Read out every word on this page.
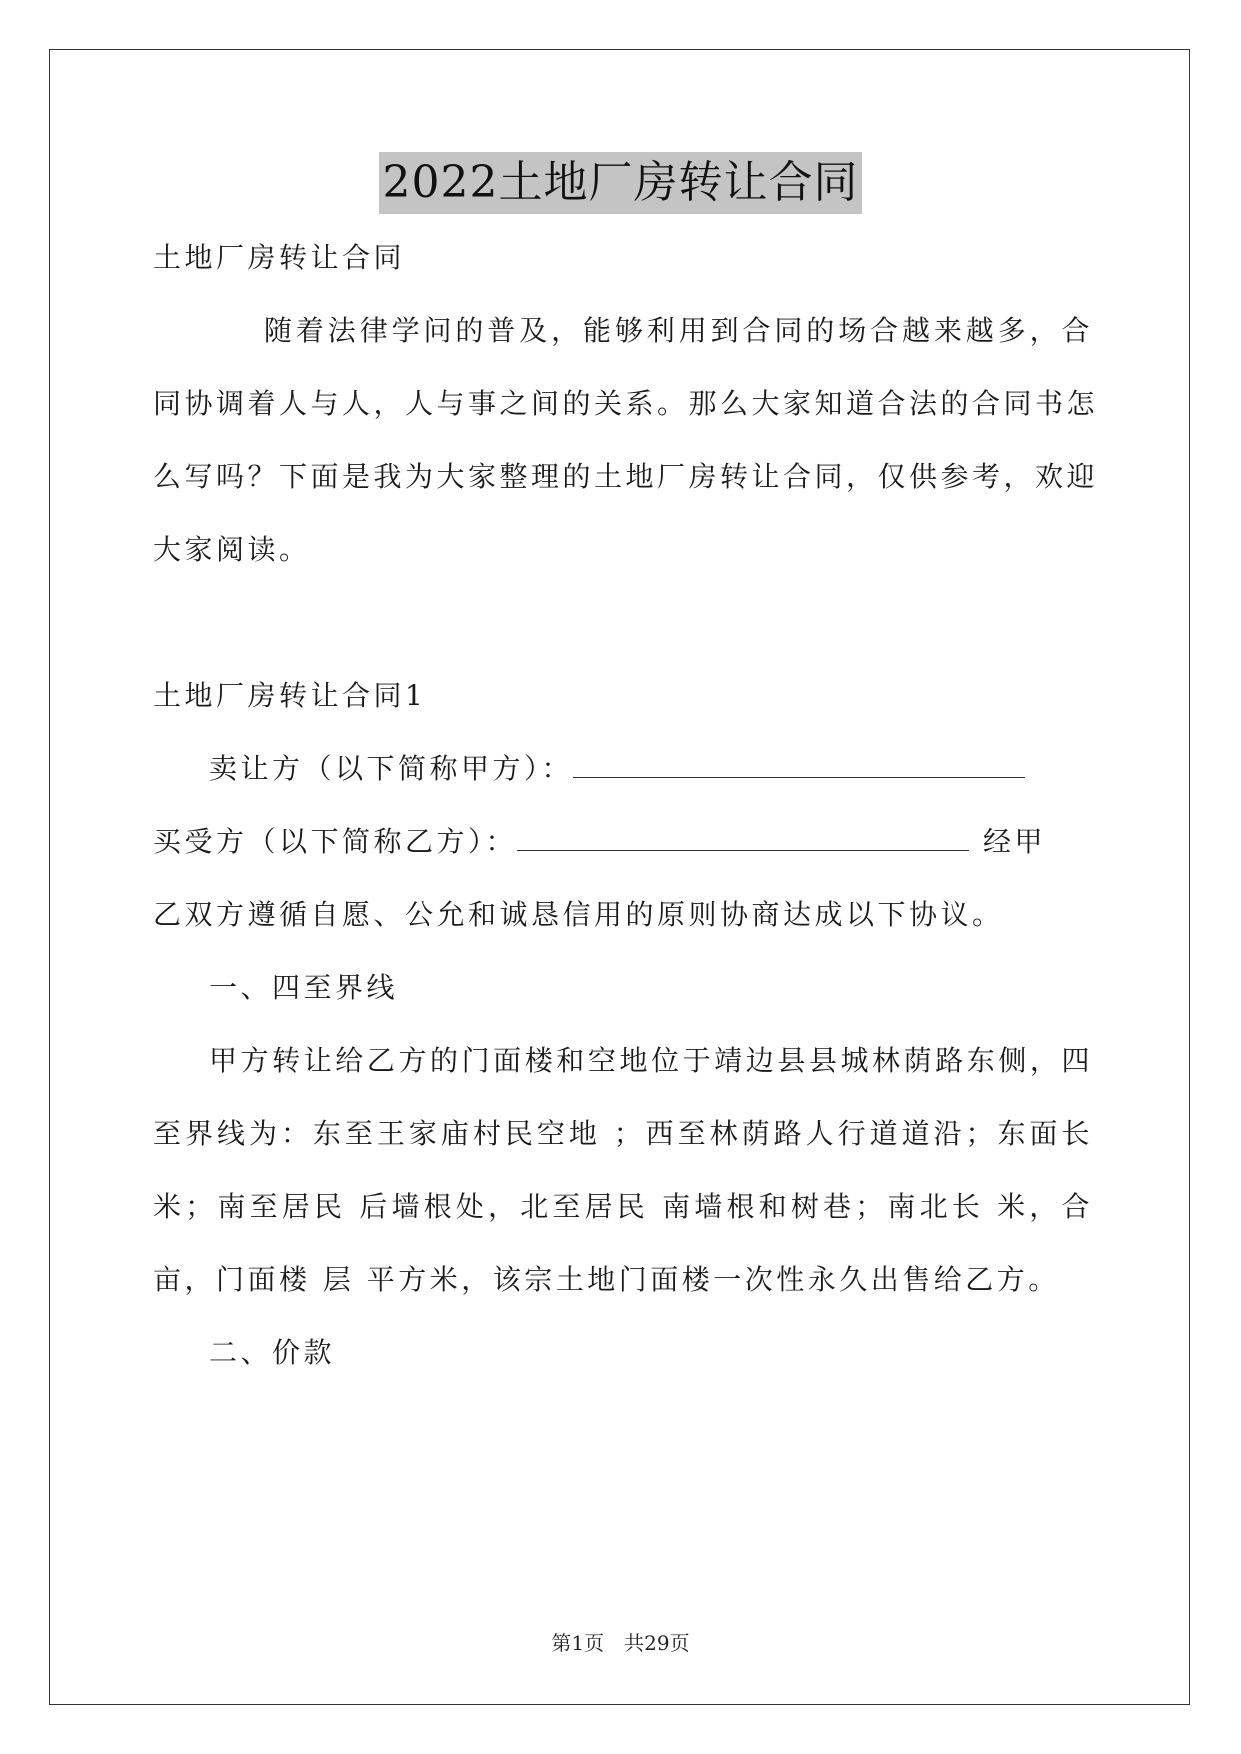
2022土地厂房转让合同
土地厂房转让合同
随着法律学问的普及，能够利用到合同的场合越来越多，合
同协调着人与人，人与事之间的关系。那么大家知道合法的合同书怎
么写吗？下面是我为大家整理的土地厂房转让合同，仅供参考，欢迎
大家阅读。
土地厂房转让合同1
卖让方（以下简称甲方）：
买受方（以下简称乙方）：	经甲
乙双方遵循自愿、公允和诚恳信用的原则协商达成以下协议。
一、四至界线
甲方转让给乙方的门面楼和空地位于靖边县县城林荫路东侧，四
至界线为：东至王家庙村民空地 ；西至林荫路人行道道沿；东面长
米；南至居民 后墙根处，北至居民 南墙根和树巷；南北长 米，合
亩，门面楼 层 平方米，该宗土地门面楼一次性永久出售给乙方。
二、价款
第1页　共29页
